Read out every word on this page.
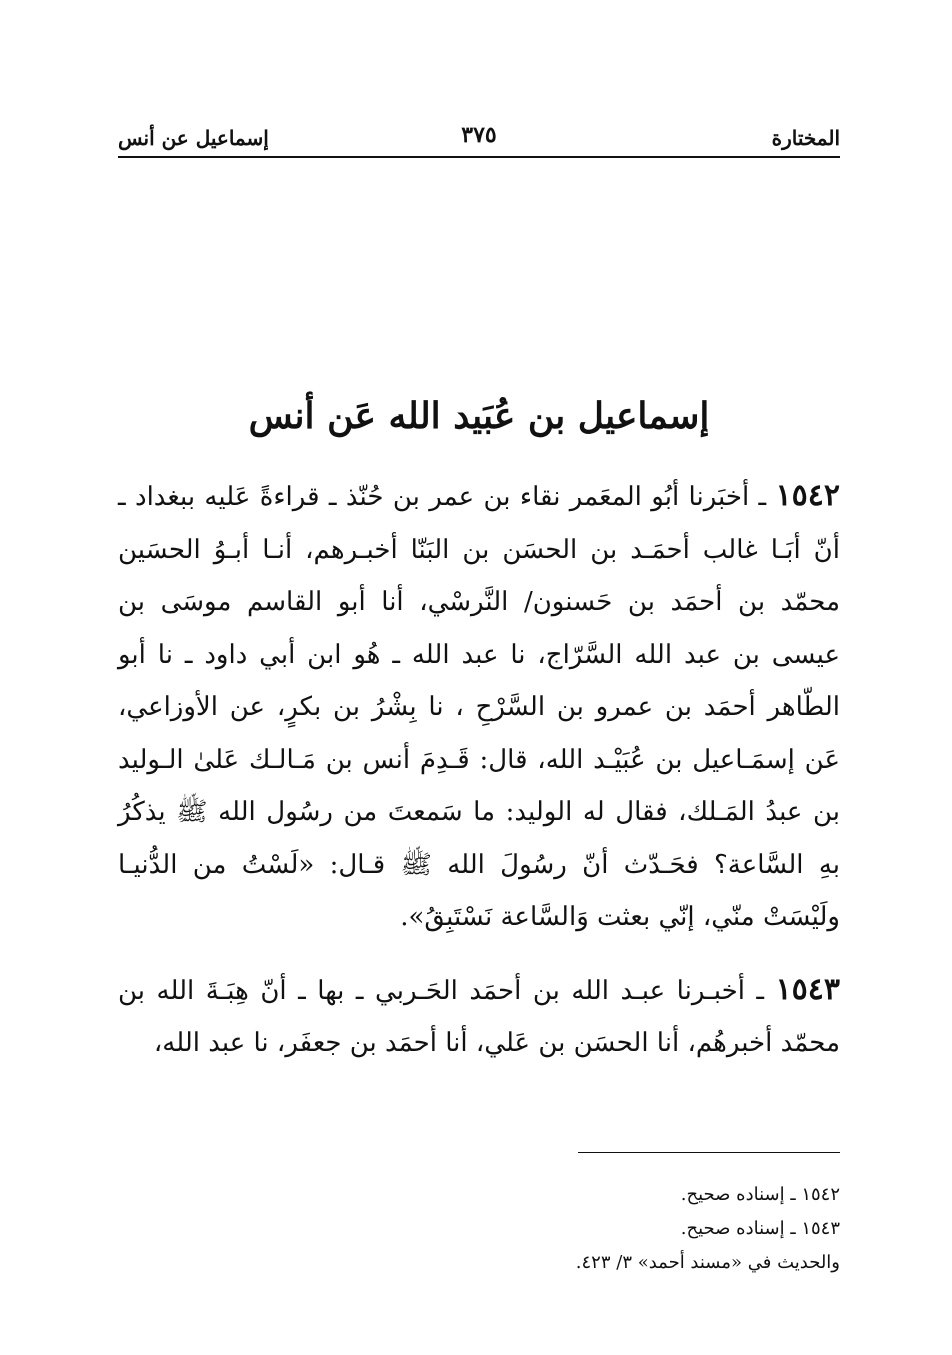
المختارة
٣٧٥
إسماعيل عن أنس
إسماعيل بن عُبَيد الله عَن أنس

١٥٤٢ ـ أخبَرنا أبُو المعَمر نقاء بن عمر بن حُنّذ ـ قراءةً عَليه ببغداد ـ أنّ أبَـا غالب أحمَـد بن الحسَن بن البَنّا أخبـرهم، أنـا أبـوُ الحسَين محمّد بن أحمَد بن حَسنون/ النَّرسْي، أنا أبو القاسم موسَى بن عيسى بن عبد الله السَّرّاج، نا عبد الله ـ هُو ابن أبي داود ـ نا أبو الطّاهر أحمَد بن عمرو بن السَّرْحِ ، نا بِشْرُ بن بكرٍ، عن الأوزاعي، عَن إسمَـاعيل بن عُبَيْـد الله، قال: قَـدِمَ أنس بن مَـالـك عَلىٰ الـوليد بن عبدُ المَـلك، فقال له الوليد: ما سَمعتَ من رسُول الله ﷺ يذكُرُ بهِ السَّاعة؟ فحَـدّث أنّ رسُولَ الله ﷺ قـال: «لَسْتُ من الدُّنيـا ولَيْسَتْ منّي، إنّي بعثت وَالسَّاعة نَسْتَبِقُ».

١٥٤٣ ـ أخبـرنا عبـد الله بن أحمَد الحَـربي ـ بها ـ أنّ هِبَـةَ الله بن محمّد أخبرهُم، أنا الحسَن بن عَلي، أنا أحمَد بن جعفَر، نا عبد الله،

١٥٤٢ ـ إسناده صحيح.

١٥٤٣ ـ إسناده صحيح.

والحديث في «مسند أحمد» ٣/ ٤٢٣.
